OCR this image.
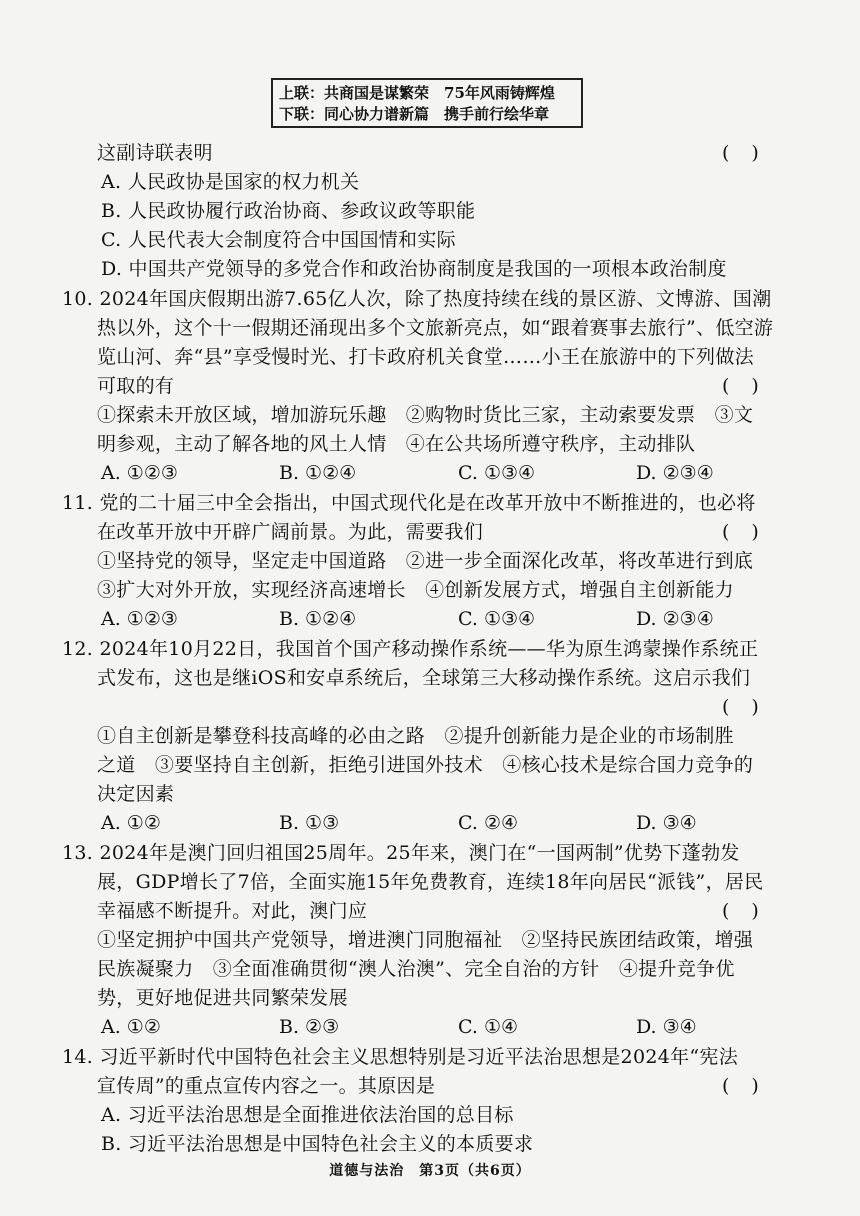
上联：共商国是谋繁荣　75年风雨铸辉煌
下联：同心协力谱新篇　携手前行绘华章
这副诗联表明	()
A. 人民政协是国家的权力机关
B. 人民政协履行政治协商、参政议政等职能
C. 人民代表大会制度符合中国国情和实际
D. 中国共产党领导的多党合作和政治协商制度是我国的一项根本政治制度
10. 2024年国庆假期出游7.65亿人次，除了热度持续在线的景区游、文博游、国潮
热以外，这个十一假期还涌现出多个文旅新亮点，如“跟着赛事去旅行”、低空游
览山河、奔“县”享受慢时光、打卡政府机关食堂……小王在旅游中的下列做法
可取的有	()
①探索未开放区域，增加游玩乐趣　②购物时货比三家，主动索要发票　③文
明参观，主动了解各地的风土人情　④在公共场所遵守秩序，主动排队
A. ①②③	B. ①②④	C. ①③④	D. ②③④
11. 党的二十届三中全会指出，中国式现代化是在改革开放中不断推进的，也必将
在改革开放中开辟广阔前景。为此，需要我们	()
①坚持党的领导，坚定走中国道路　②进一步全面深化改革，将改革进行到底
③扩大对外开放，实现经济高速增长　④创新发展方式，增强自主创新能力
A. ①②③	B. ①②④	C. ①③④	D. ②③④
12. 2024年10月22日，我国首个国产移动操作系统——华为原生鸿蒙操作系统正
式发布，这也是继iOS和安卓系统后，全球第三大移动操作系统。这启示我们
()
①自主创新是攀登科技高峰的必由之路　②提升创新能力是企业的市场制胜
之道　③要坚持自主创新，拒绝引进国外技术　④核心技术是综合国力竞争的
决定因素
A. ①②	B. ①③	C. ②④	D. ③④
13. 2024年是澳门回归祖国25周年。25年来，澳门在“一国两制”优势下蓬勃发
展，GDP增长了7倍，全面实施15年免费教育，连续18年向居民“派钱”，居民
幸福感不断提升。对此，澳门应	()
①坚定拥护中国共产党领导，增进澳门同胞福祉　②坚持民族团结政策，增强
民族凝聚力　③全面准确贯彻“澳人治澳”、完全自治的方针　④提升竞争优
势，更好地促进共同繁荣发展
A. ①②	B. ②③	C. ①④	D. ③④
14. 习近平新时代中国特色社会主义思想特别是习近平法治思想是2024年“宪法
宣传周”的重点宣传内容之一。其原因是	()
A. 习近平法治思想是全面推进依法治国的总目标
B. 习近平法治思想是中国特色社会主义的本质要求
道德与法治　第3页（共6页）
